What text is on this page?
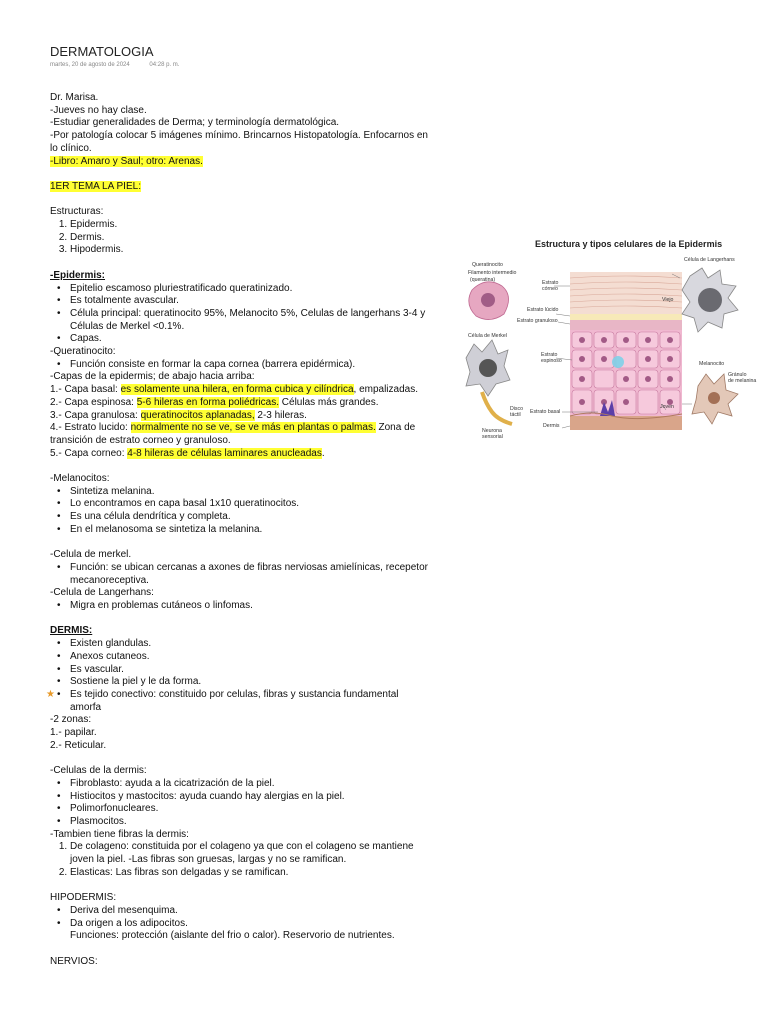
DERMATOLOGIA
martes, 20 de agosto de 2024	04:28 p. m.

Dr. Marisa.

-Jueves no hay clase.

-Estudiar generalidades de Derma; y terminología dermatológica.

-Por patología colocar 5 imágenes mínimo. Brincarnos Histopatología. Enfocarnos en lo clínico.

-Libro: Amaro y Saul; otro: Arenas.

1ER TEMA LA PIEL:

Estructuras:

1. Epidermis.
2. Dermis.
3. Hipodermis.

-Epidermis:

• Epitelio escamoso pluriestratificado queratinizado.
• Es totalmente avascular.
• Célula principal: queratinocito 95%, Melanocito 5%, Celulas de langerhans 3-4 y Células de Merkel <0.1%.
• Capas.

-Queratinocito:

• Función consiste en formar la capa cornea (barrera epidérmica).

-Capas de la epidermis; de abajo hacia arriba:

1.- Capa basal: es solamente una hilera, en forma cubica y cilíndrica, empalizadas.

2.- Capa espinosa: 5-6 hileras en forma poliédricas. Células más grandes.

3.- Capa granulosa: queratinocitos aplanadas, 2-3 hileras.

4.- Estrato lucido: normalmente no se ve, se ve más en plantas o palmas. Zona de transición de estrato corneo y granuloso.

5.- Capa corneo: 4-8 hileras de células laminares anucleadas.

-Melanocitos:

• Sintetiza melanina.
• Lo encontramos en capa basal 1x10 queratinocitos.
• Es una célula dendrítica y completa.
• En el melanosoma se sintetiza la melanina.

-Celula de merkel.

• Función: se ubican cercanas a axones de fibras nerviosas amielínicas, recepetor mecanoreceptiva.

-Celula de Langerhans:

• Migra en problemas cutáneos o linfomas.

DERMIS:

• Existen glandulas.
• Anexos cutaneos.
• Es vascular.
• Sostiene la piel y le da forma.
• ★ Es tejido conectivo: constituido por celulas, fibras y sustancia fundamental amorfa

-2 zonas:

1.- papilar.

2.- Reticular.

-Celulas de la dermis:

• Fibroblasto: ayuda a la cicatrización de la piel.
• Histiocitos y mastocitos: ayuda cuando hay alergias en la piel.
• Polimorfonucleares.
• Plasmocitos.

-Tambien tiene fibras la dermis:

1. De colageno: constituida por el colageno ya que con el colageno se mantiene joven la piel. -Las fibras son gruesas, largas y no se ramifican.
2. Elasticas: Las fibras son delgadas y se ramifican.

HIPODERMIS:

• Deriva del mesenquima.
• Da origen a los adipocitos.

Funciones: protección (aislante del frio o calor). Reservorio de nutrientes.

NERVIOS:

Estructura y tipos celulares de la Epidermis
Queratinocito
Filamento intermedio
(queratina)	Estrato
córneo
Estrato lúcido
Estrato granuloso
Célula de Merkel
Estrato
espinoso
Disco
táctil	Estrato basal
Dermis
Neurona
sensorial
Célula de Langerhans
Viejo
Melanocito
Gránulo
de melanina
Joven
